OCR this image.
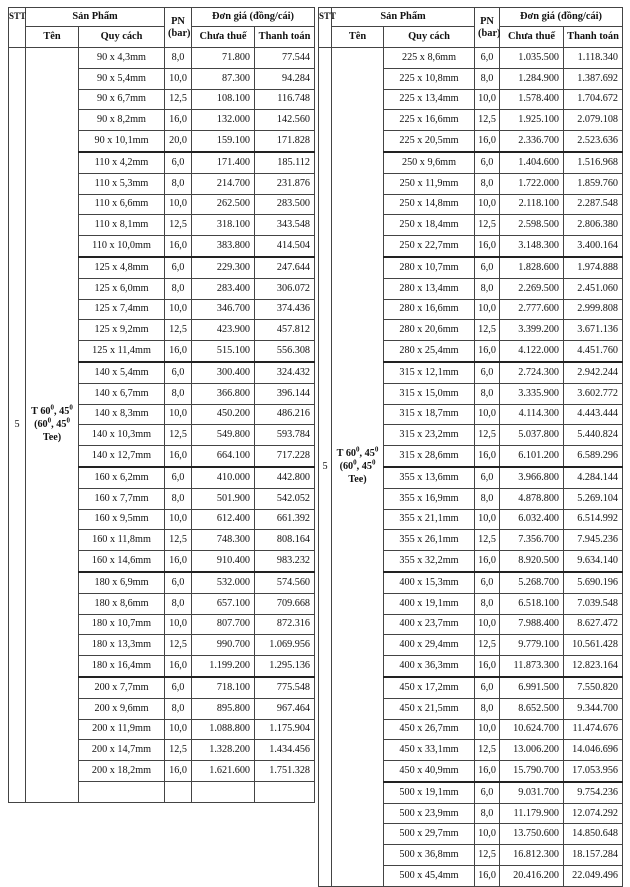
STT	Sản Phẩm		PN
(bar)	Đơn giá (đồng/cái)	
	Tên	Quy cách		Chưa thuế	Thanh toán
5	T $60^0$, $45^0$
($60^0$, $45^0$
Tee)	90 x 4,3mm	8,0	71.800	77.544
		90 x 5,4mm	10,0	87.300	94.284
		90 x 6,7mm	12,5	108.100	116.748
		90 x 8,2mm	16,0	132.000	142.560
		90 x 10,1mm	20,0	159.100	171.828
		110 x 4,2mm	6,0	171.400	185.112
		110 x 5,3mm	8,0	214.700	231.876
		110 x 6,6mm	10,0	262.500	283.500
		110 x 8,1mm	12,5	318.100	343.548
		110 x 10,0mm	16,0	383.800	414.504
		125 x 4,8mm	6,0	229.300	247.644
		125 x 6,0mm	8,0	283.400	306.072
		125 x 7,4mm	10,0	346.700	374.436
		125 x 9,2mm	12,5	423.900	457.812
		125 x 11,4mm	16,0	515.100	556.308
		140 x 5,4mm	6,0	300.400	324.432
		140 x 6,7mm	8,0	366.800	396.144
		140 x 8,3mm	10,0	450.200	486.216
		140 x 10,3mm	12,5	549.800	593.784
		140 x 12,7mm	16,0	664.100	717.228
		160 x 6,2mm	6,0	410.000	442.800
		160 x 7,7mm	8,0	501.900	542.052
		160 x 9,5mm	10,0	612.400	661.392
		160 x 11,8mm	12,5	748.300	808.164
		160 x 14,6mm	16,0	910.400	983.232
		180 x 6,9mm	6,0	532.000	574.560
		180 x 8,6mm	8,0	657.100	709.668
		180 x 10,7mm	10,0	807.700	872.316
		180 x 13,3mm	12,5	990.700	1.069.956
		180 x 16,4mm	16,0	1.199.200	1.295.136
		200 x 7,7mm	6,0	718.100	775.548
		200 x 9,6mm	8,0	895.800	967.464
		200 x 11,9mm	10,0	1.088.800	1.175.904
		200 x 14,7mm	12,5	1.328.200	1.434.456
		200 x 18,2mm	16,0	1.621.600	1.751.328

STT	Sản Phẩm		PN
(bar)	Đơn giá (đồng/cái)	
	Tên	Quy cách		Chưa thuế	Thanh toán
5	T $60^0$, $45^0$
($60^0$, $45^0$
Tee)	225 x 8,6mm	6,0	1.035.500	1.118.340
		225 x 10,8mm	8,0	1.284.900	1.387.692
		225 x 13,4mm	10,0	1.578.400	1.704.672
		225 x 16,6mm	12,5	1.925.100	2.079.108
		225 x 20,5mm	16,0	2.336.700	2.523.636
		250 x 9,6mm	6,0	1.404.600	1.516.968
		250 x 11,9mm	8,0	1.722.000	1.859.760
		250 x 14,8mm	10,0	2.118.100	2.287.548
		250 x 18,4mm	12,5	2.598.500	2.806.380
		250 x 22,7mm	16,0	3.148.300	3.400.164
		280 x 10,7mm	6,0	1.828.600	1.974.888
		280 x 13,4mm	8,0	2.269.500	2.451.060
		280 x 16,6mm	10,0	2.777.600	2.999.808
		280 x 20,6mm	12,5	3.399.200	3.671.136
		280 x 25,4mm	16,0	4.122.000	4.451.760
		315 x 12,1mm	6,0	2.724.300	2.942.244
		315 x 15,0mm	8,0	3.335.900	3.602.772
		315 x 18,7mm	10,0	4.114.300	4.443.444
		315 x 23,2mm	12,5	5.037.800	5.440.824
		315 x 28,6mm	16,0	6.101.200	6.589.296
		355 x 13,6mm	6,0	3.966.800	4.284.144
		355 x 16,9mm	8,0	4.878.800	5.269.104
		355 x 21,1mm	10,0	6.032.400	6.514.992
		355 x 26,1mm	12,5	7.356.700	7.945.236
		355 x 32,2mm	16,0	8.920.500	9.634.140
		400 x 15,3mm	6,0	5.268.700	5.690.196
		400 x 19,1mm	8,0	6.518.100	7.039.548
		400 x 23,7mm	10,0	7.988.400	8.627.472
		400 x 29,4mm	12,5	9.779.100	10.561.428
		400 x 36,3mm	16,0	11.873.300	12.823.164
		450 x 17,2mm	6,0	6.991.500	7.550.820
		450 x 21,5mm	8,0	8.652.500	9.344.700
		450 x 26,7mm	10,0	10.624.700	11.474.676
		450 x 33,1mm	12,5	13.006.200	14.046.696
		450 x 40,9mm	16,0	15.790.700	17.053.956
		500 x 19,1mm	6,0	9.031.700	9.754.236
		500 x 23,9mm	8,0	11.179.900	12.074.292
		500 x 29,7mm	10,0	13.750.600	14.850.648
		500 x 36,8mm	12,5	16.812.300	18.157.284
		500 x 45,4mm	16,0	20.416.200	22.049.496
